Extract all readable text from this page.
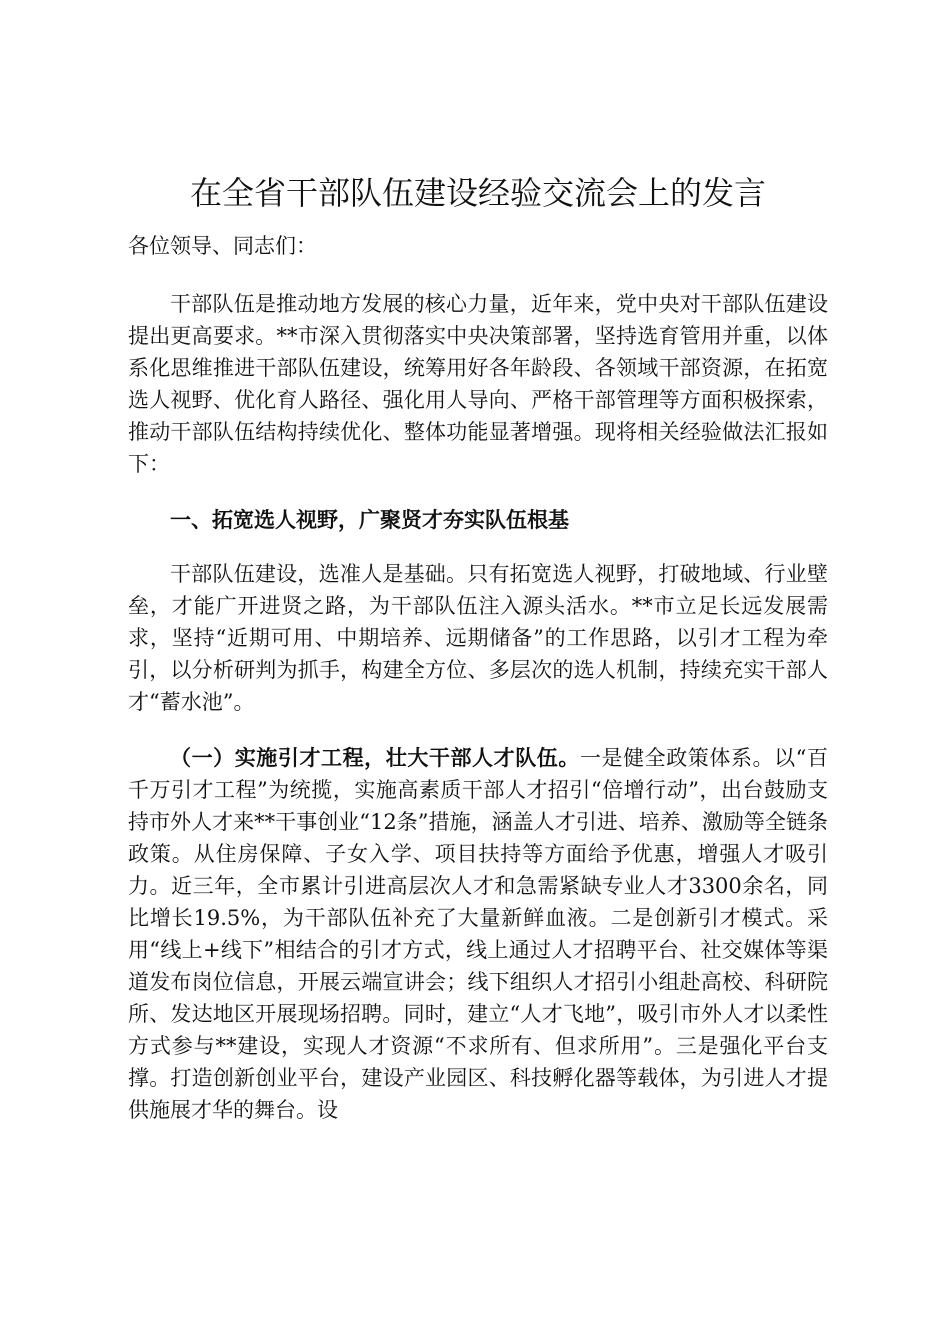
在全省干部队伍建设经验交流会上的发言
各位领导、同志们：

干部队伍是推动地方发展的核心力量，近年来，党中央对干部队伍建设提出更高要求。**市深入贯彻落实中央决策部署，坚持选育管用并重，以体系化思维推进干部队伍建设，统筹用好各年龄段、各领域干部资源，在拓宽选人视野、优化育人路径、强化用人导向、严格干部管理等方面积极探索，推动干部队伍结构持续优化、整体功能显著增强。现将相关经验做法汇报如下：

一、拓宽选人视野，广聚贤才夯实队伍根基

干部队伍建设，选准人是基础。只有拓宽选人视野，打破地域、行业壁垒，才能广开进贤之路，为干部队伍注入源头活水。**市立足长远发展需求，坚持“近期可用、中期培养、远期储备”的工作思路，以引才工程为牵引，以分析研判为抓手，构建全方位、多层次的选人机制，持续充实干部人才“蓄水池”。

（一）实施引才工程，壮大干部人才队伍。一是健全政策体系。以“百千万引才工程”为统揽，实施高素质干部人才招引“倍增行动”，出台鼓励支持市外人才来**干事创业“12条”措施，涵盖人才引进、培养、激励等全链条政策。从住房保障、子女入学、项目扶持等方面给予优惠，增强人才吸引力。近三年，全市累计引进高层次人才和急需紧缺专业人才3300余名，同比增长19.5%，为干部队伍补充了大量新鲜血液。二是创新引才模式。采用“线上+线下”相结合的引才方式，线上通过人才招聘平台、社交媒体等渠道发布岗位信息，开展云端宣讲会；线下组织人才招引小组赴高校、科研院所、发达地区开展现场招聘。同时，建立“人才飞地”，吸引市外人才以柔性方式参与**建设，实现人才资源“不求所有、但求所用”。三是强化平台支撑。打造创新创业平台，建设产业园区、科技孵化器等载体，为引进人才提供施展才华的舞台。设
